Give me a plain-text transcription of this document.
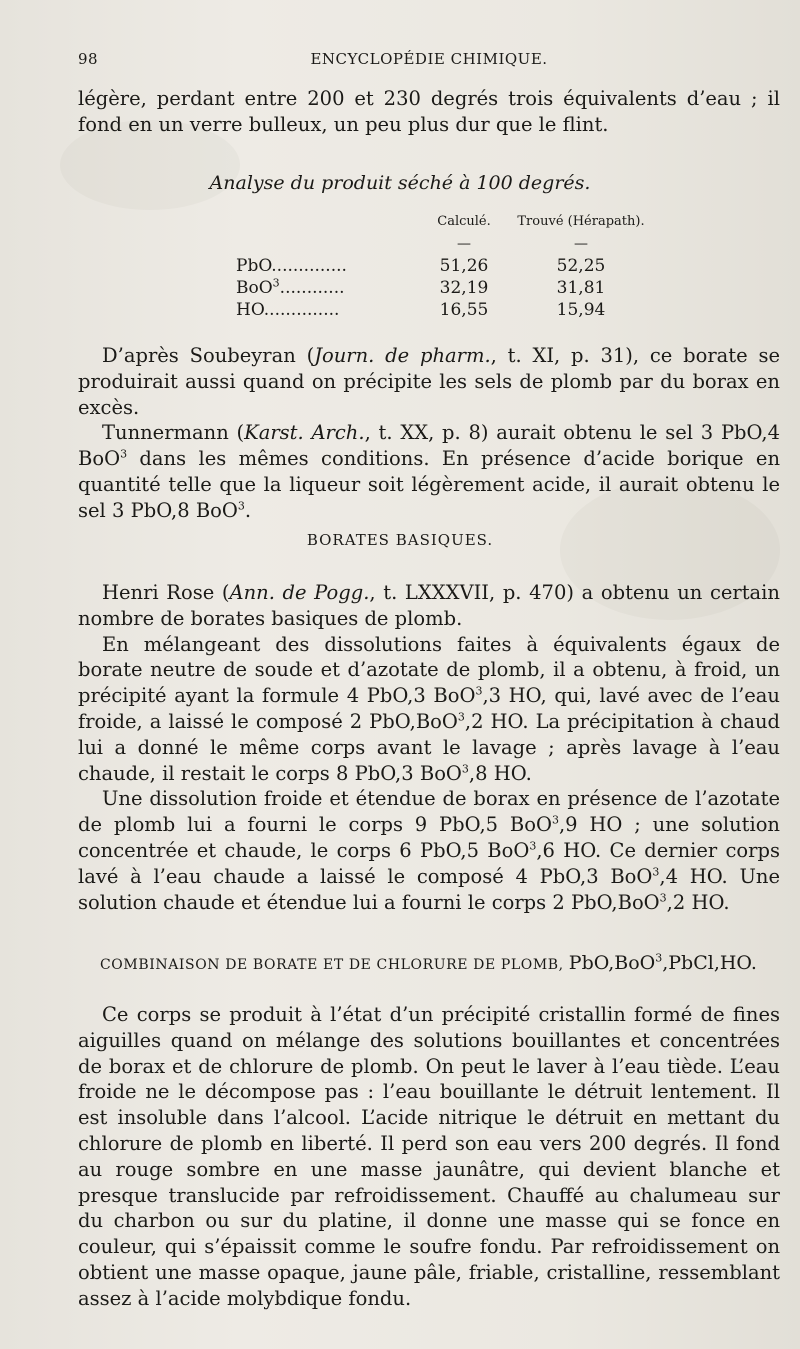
98	ENCYCLOPÉDIE CHIMIQUE.

légère, perdant entre 200 et 230 degrés trois équivalents d’eau ; il fond en un verre bulleux, un peu plus dur que le flint.

Analyse du produit séché à 100 degrés.
	Calculé.	Trouvé (Hérapath).
	—	—
PbO..............	51,26	52,25
BoO$^3$............	32,19	31,81
HO..............	16,55	15,94

D’après Soubeyran (Journ. de pharm., t. XI, p. 31), ce borate se produirait aussi quand on précipite les sels de plomb par du borax en excès.

Tunnermann (Karst. Arch., t. XX, p. 8) aurait obtenu le sel 3 PbO,4 BoO$^3$ dans les mêmes conditions. En présence d’acide borique en quantité telle que la liqueur soit légèrement acide, il aurait obtenu le sel 3 PbO,8 BoO$^3$.

BORATES BASIQUES.

Henri Rose (Ann. de Pogg., t. LXXXVII, p. 470) a obtenu un certain nombre de borates basiques de plomb.

En mélangeant des dissolutions faites à équivalents égaux de borate neutre de soude et d’azotate de plomb, il a obtenu, à froid, un précipité ayant la formule 4 PbO,3 BoO$^3$,3 HO, qui, lavé avec de l’eau froide, a laissé le composé 2 PbO,BoO$^3$,2 HO. La précipitation à chaud lui a donné le même corps avant le lavage ; après lavage à l’eau chaude, il restait le corps 8 PbO,3 BoO$^3$,8 HO.

Une dissolution froide et étendue de borax en présence de l’azotate de plomb lui a fourni le corps 9 PbO,5 BoO$^3$,9 HO ; une solution concentrée et chaude, le corps 6 PbO,5 BoO$^3$,6 HO. Ce dernier corps lavé à l’eau chaude a laissé le composé 4 PbO,3 BoO$^3$,4 HO. Une solution chaude et étendue lui a fourni le corps 2 PbO,BoO$^3$,2 HO.

COMBINAISON DE BORATE ET DE CHLORURE DE PLOMB, PbO,BoO$^3$,PbCl,HO.

Ce corps se produit à l’état d’un précipité cristallin formé de fines aiguilles quand on mélange des solutions bouillantes et concentrées de borax et de chlorure de plomb. On peut le laver à l’eau tiède. L’eau froide ne le décompose pas : l’eau bouillante le détruit lentement. Il est insoluble dans l’alcool. L’acide nitrique le détruit en mettant du chlorure de plomb en liberté. Il perd son eau vers 200 degrés. Il fond au rouge sombre en une masse jaunâtre, qui devient blanche et presque translucide par refroidissement. Chauffé au chalumeau sur du charbon ou sur du platine, il donne une masse qui se fonce en couleur, qui s’épaissit comme le soufre fondu. Par refroidissement on obtient une masse opaque, jaune pâle, friable, cristalline, ressemblant assez à l’acide molybdique fondu.
